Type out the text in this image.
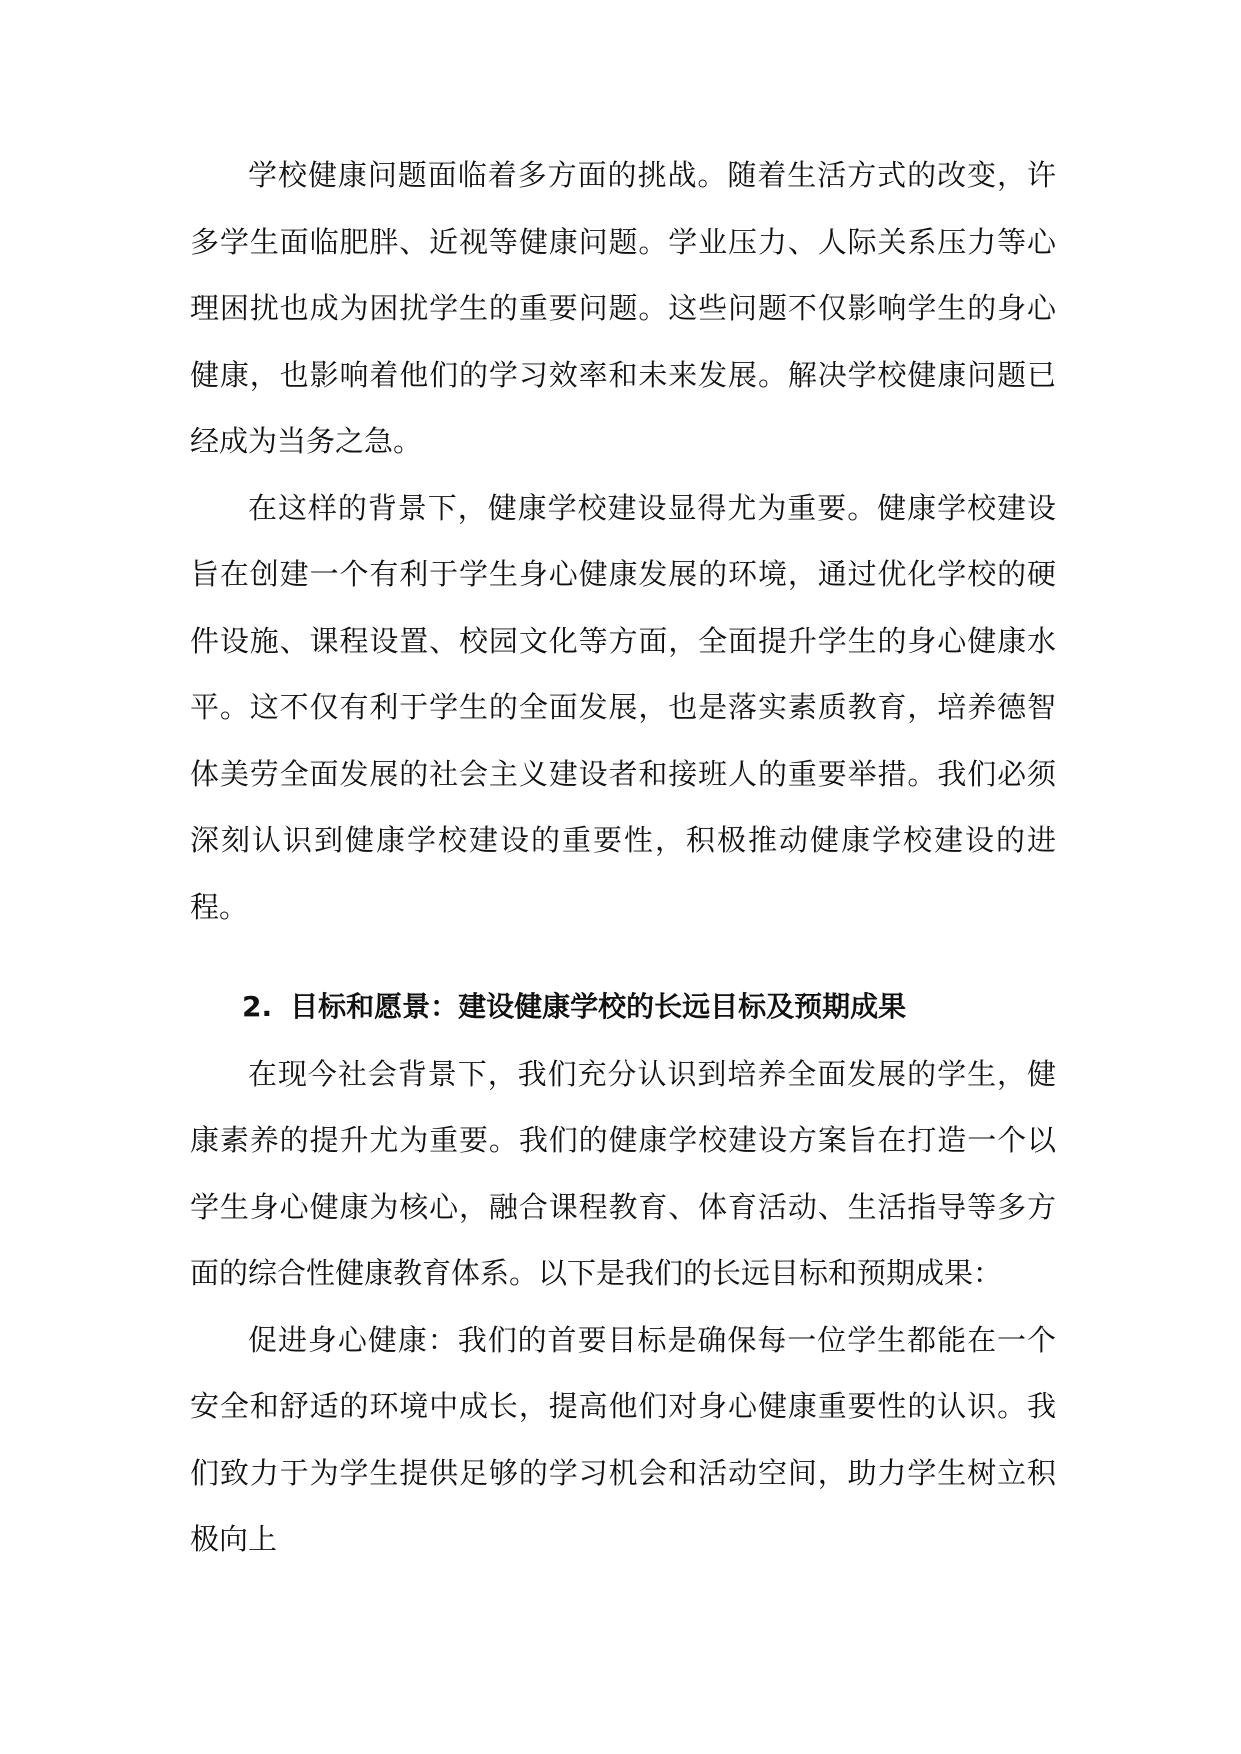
学校健康问题面临着多方面的挑战。随着生活方式的改变，许多学生面临肥胖、近视等健康问题。学业压力、人际关系压力等心理困扰也成为困扰学生的重要问题。这些问题不仅影响学生的身心健康，也影响着他们的学习效率和未来发展。解决学校健康问题已经成为当务之急。

在这样的背景下，健康学校建设显得尤为重要。健康学校建设旨在创建一个有利于学生身心健康发展的环境，通过优化学校的硬件设施、课程设置、校园文化等方面，全面提升学生的身心健康水平。这不仅有利于学生的全面发展，也是落实素质教育，培养德智体美劳全面发展的社会主义建设者和接班人的重要举措。我们必须深刻认识到健康学校建设的重要性，积极推动健康学校建设的进程。

2. 目标和愿景：建设健康学校的长远目标及预期成果

在现今社会背景下，我们充分认识到培养全面发展的学生，健康素养的提升尤为重要。我们的健康学校建设方案旨在打造一个以学生身心健康为核心，融合课程教育、体育活动、生活指导等多方面的综合性健康教育体系。以下是我们的长远目标和预期成果：

促进身心健康：我们的首要目标是确保每一位学生都能在一个安全和舒适的环境中成长，提高他们对身心健康重要性的认识。我们致力于为学生提供足够的学习机会和活动空间，助力学生树立积极向上
